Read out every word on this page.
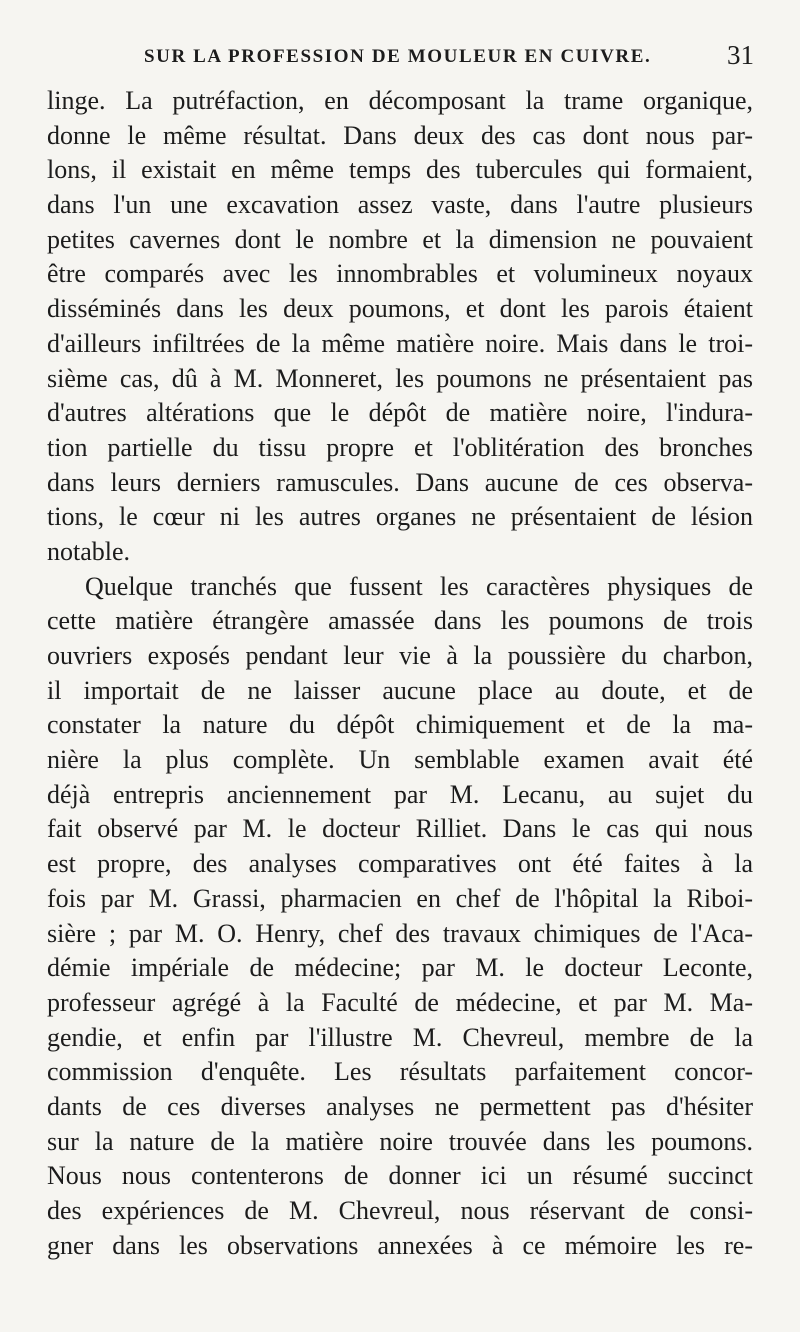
SUR LA PROFESSION DE MOULEUR EN CUIVRE.	31
linge. La putréfaction, en décomposant la trame organique,
donne le même résultat. Dans deux des cas dont nous par-
lons, il existait en même temps des tubercules qui formaient,
dans l'un une excavation assez vaste, dans l'autre plusieurs
petites cavernes dont le nombre et la dimension ne pouvaient
être comparés avec les innombrables et volumineux noyaux
disséminés dans les deux poumons, et dont les parois étaient
d'ailleurs infiltrées de la même matière noire. Mais dans le troi-
sième cas, dû à M. Monneret, les poumons ne présentaient pas
d'autres altérations que le dépôt de matière noire, l'indura-
tion partielle du tissu propre et l'oblitération des bronches
dans leurs derniers ramuscules. Dans aucune de ces observa-
tions, le cœur ni les autres organes ne présentaient de lésion
notable.
Quelque tranchés que fussent les caractères physiques de
cette matière étrangère amassée dans les poumons de trois
ouvriers exposés pendant leur vie à la poussière du charbon,
il importait de ne laisser aucune place au doute, et de
constater la nature du dépôt chimiquement et de la ma-
nière la plus complète. Un semblable examen avait été
déjà entrepris anciennement par M. Lecanu, au sujet du
fait observé par M. le docteur Rilliet. Dans le cas qui nous
est propre, des analyses comparatives ont été faites à la
fois par M. Grassi, pharmacien en chef de l'hôpital la Riboi-
sière ; par M. O. Henry, chef des travaux chimiques de l'Aca-
démie impériale de médecine; par M. le docteur Leconte,
professeur agrégé à la Faculté de médecine, et par M. Ma-
gendie, et enfin par l'illustre M. Chevreul, membre de la
commission d'enquête. Les résultats parfaitement concor-
dants de ces diverses analyses ne permettent pas d'hésiter
sur la nature de la matière noire trouvée dans les poumons.
Nous nous contenterons de donner ici un résumé succinct
des expériences de M. Chevreul, nous réservant de consi-
gner dans les observations annexées à ce mémoire les re-
